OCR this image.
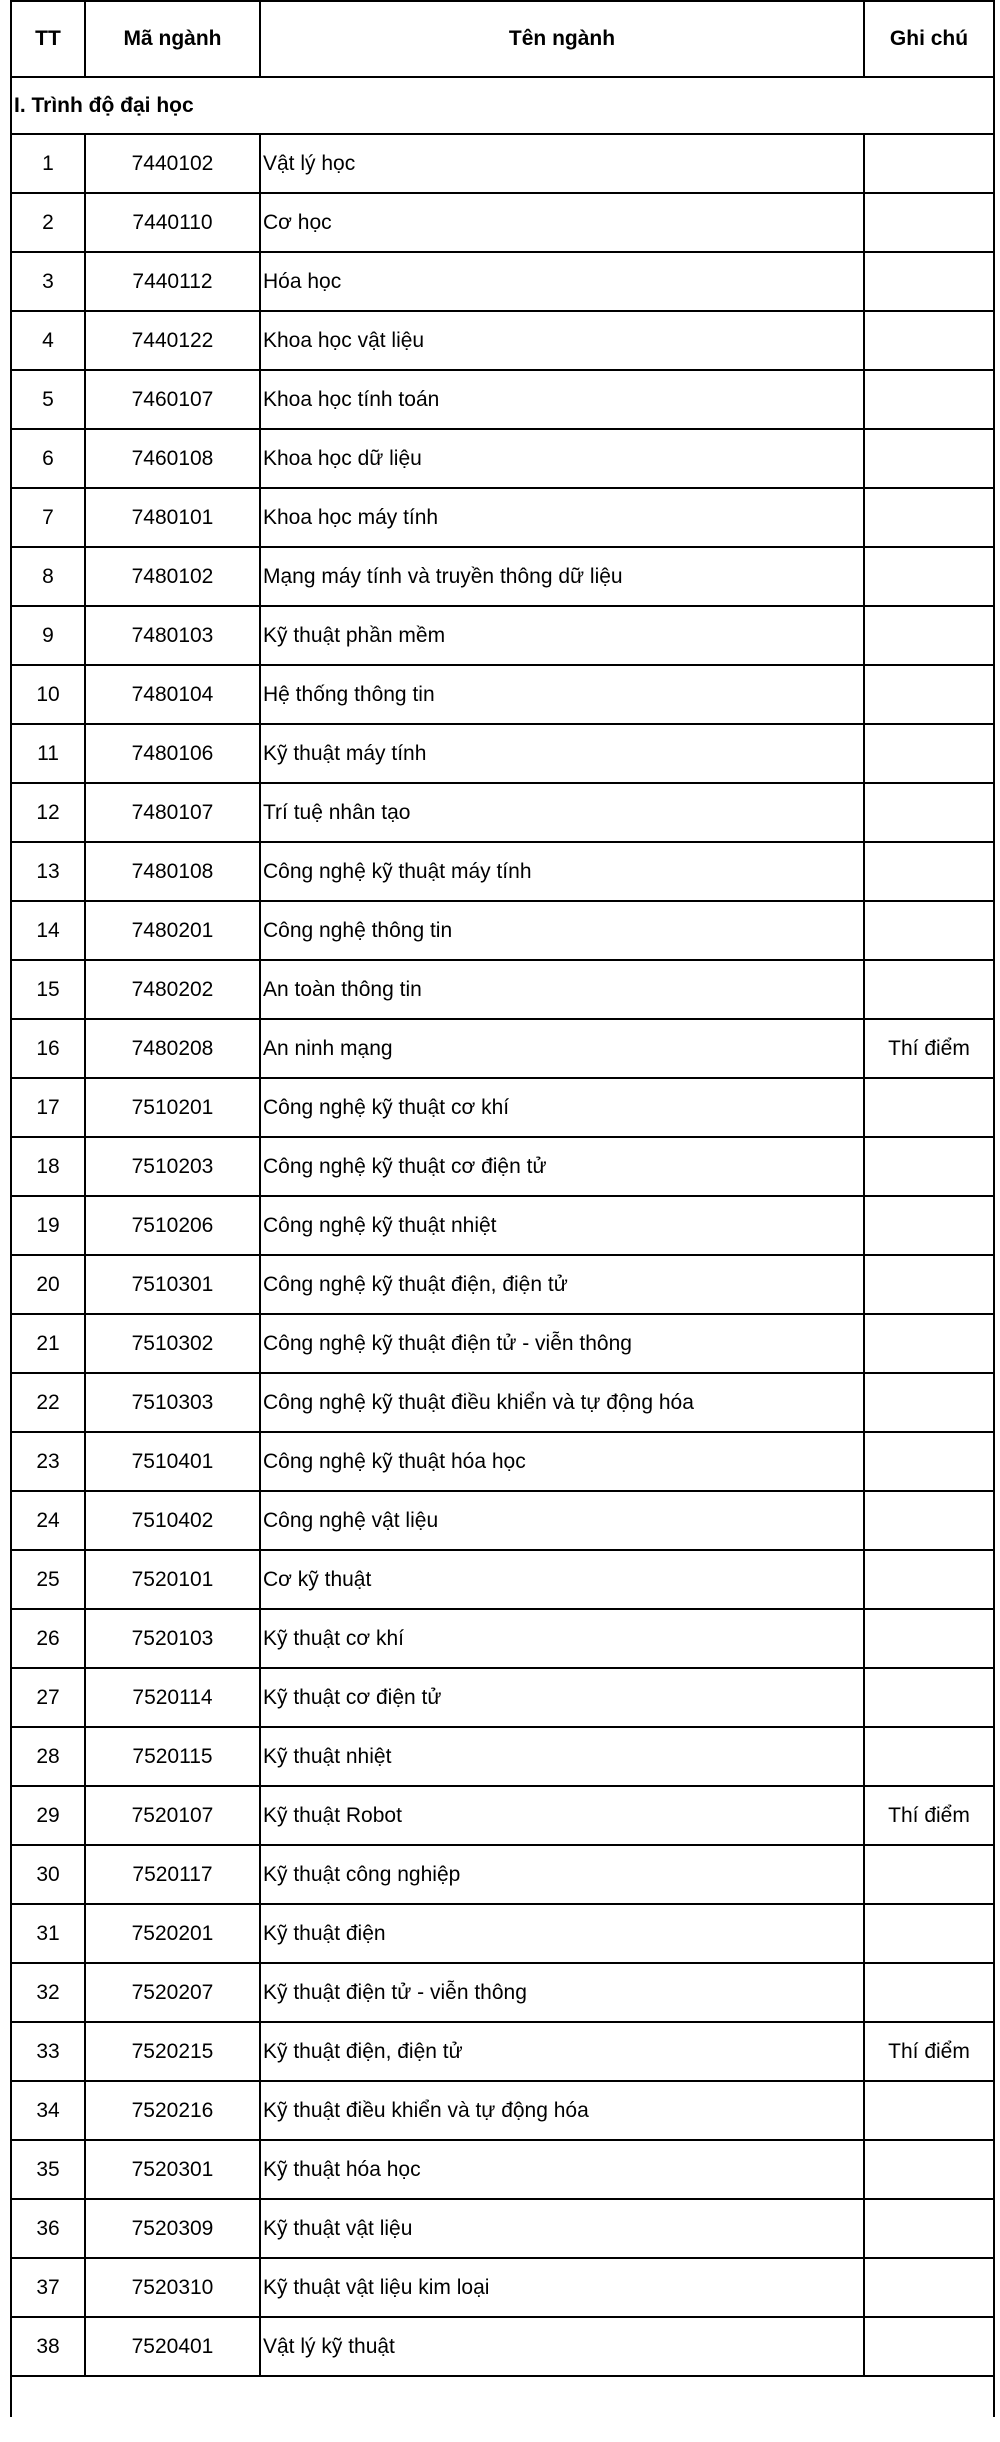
TT	Mã ngành	Tên ngành	Ghi chú
I. Trình độ đại học			
1	7440102	Vật lý học	
2	7440110	Cơ học	
3	7440112	Hóa học	
4	7440122	Khoa học vật liệu	
5	7460107	Khoa học tính toán	
6	7460108	Khoa học dữ liệu	
7	7480101	Khoa học máy tính	
8	7480102	Mạng máy tính và truyền thông dữ liệu	
9	7480103	Kỹ thuật phần mềm	
10	7480104	Hệ thống thông tin	
11	7480106	Kỹ thuật máy tính	
12	7480107	Trí tuệ nhân tạo	
13	7480108	Công nghệ kỹ thuật máy tính	
14	7480201	Công nghệ thông tin	
15	7480202	An toàn thông tin	
16	7480208	An ninh mạng	Thí điểm
17	7510201	Công nghệ kỹ thuật cơ khí	
18	7510203	Công nghệ kỹ thuật cơ điện tử	
19	7510206	Công nghệ kỹ thuật nhiệt	
20	7510301	Công nghệ kỹ thuật điện, điện tử	
21	7510302	Công nghệ kỹ thuật điện tử - viễn thông	
22	7510303	Công nghệ kỹ thuật điều khiển và tự động hóa	
23	7510401	Công nghệ kỹ thuật hóa học	
24	7510402	Công nghệ vật liệu	
25	7520101	Cơ kỹ thuật	
26	7520103	Kỹ thuật cơ khí	
27	7520114	Kỹ thuật cơ điện tử	
28	7520115	Kỹ thuật nhiệt	
29	7520107	Kỹ thuật Robot	Thí điểm
30	7520117	Kỹ thuật công nghiệp	
31	7520201	Kỹ thuật điện	
32	7520207	Kỹ thuật điện tử - viễn thông	
33	7520215	Kỹ thuật điện, điện tử	Thí điểm
34	7520216	Kỹ thuật điều khiển và tự động hóa	
35	7520301	Kỹ thuật hóa học	
36	7520309	Kỹ thuật vật liệu	
37	7520310	Kỹ thuật vật liệu kim loại	
38	7520401	Vật lý kỹ thuật	
